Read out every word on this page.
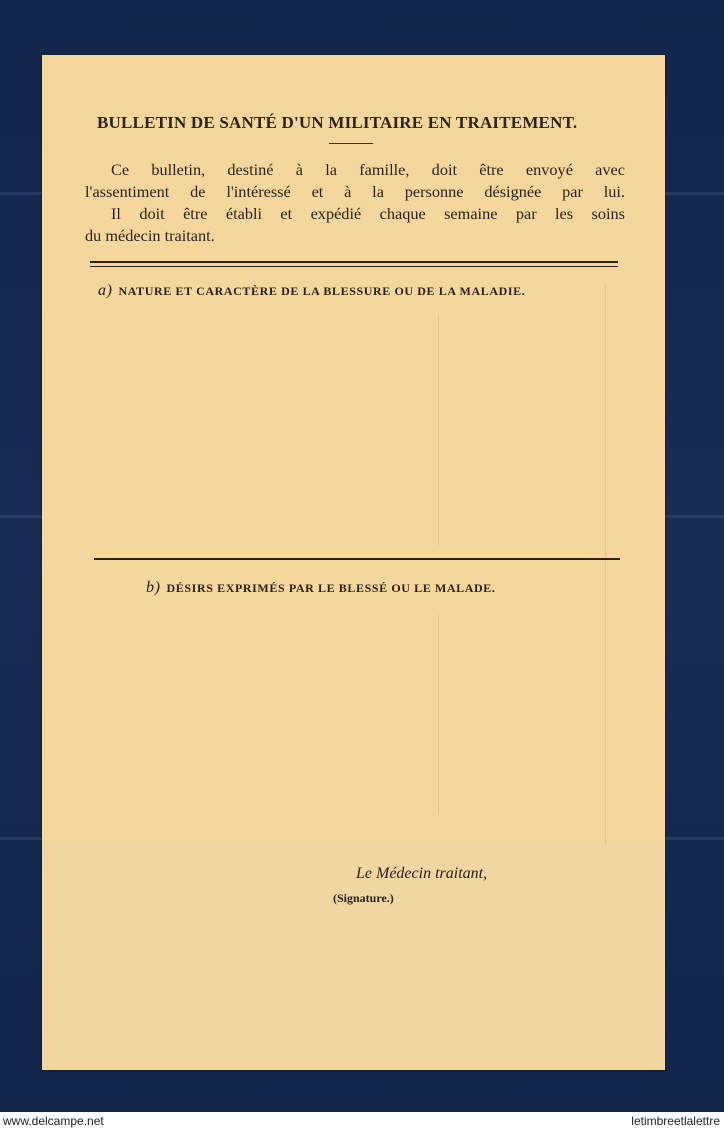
BULLETIN DE SANTÉ D'UN MILITAIRE EN TRAITEMENT.

Ce bulletin, destiné à la famille, doit être envoyé avec

l'assentiment de l'intéressé et à la personne désignée par lui.

Il doit être établi et expédié chaque semaine par les soins

du médecin traitant.

a) NATURE ET CARACTÈRE DE LA BLESSURE OU DE LA MALADIE.
b) DÉSIRS EXPRIMÉS PAR LE BLESSÉ OU LE MALADE.
Le Médecin traitant,
(Signature.)
www.delcampe.net	letimbreetlalettre
